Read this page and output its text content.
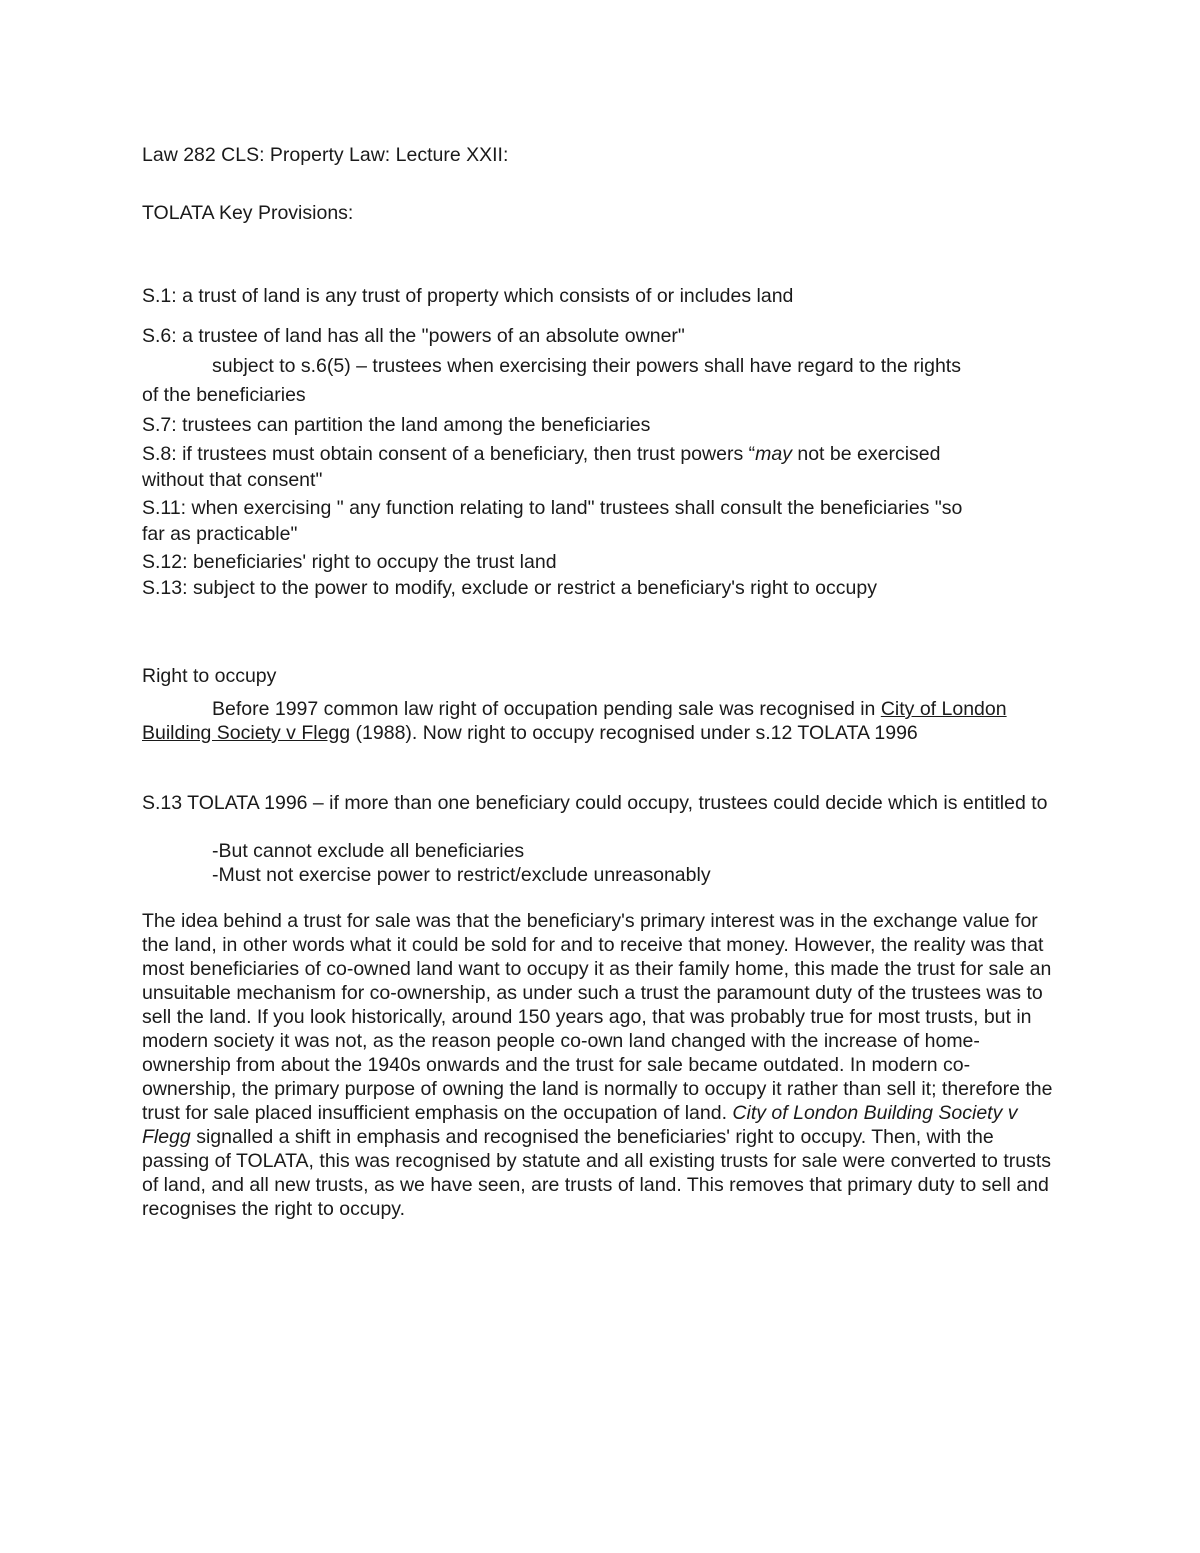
Law 282 CLS: Property Law: Lecture XXII:
TOLATA Key Provisions:
S.1: a trust of land is any trust of property which consists of or includes land
S.6: a trustee of land has all the "powers of an absolute owner"
subject to s.6(5) – trustees when exercising their powers shall have regard to the rights
of the beneficiaries
S.7: trustees can partition the land among the beneficiaries
S.8: if trustees must obtain consent of a beneficiary, then trust powers “may not be exercised
without that consent"
S.11: when exercising " any function relating to land" trustees shall consult the beneficiaries "so
far as practicable"
S.12: beneficiaries' right to occupy the trust land
S.13: subject to the power to modify, exclude or restrict a beneficiary's right to occupy
Right to occupy

Before 1997 common law right of occupation pending sale was recognised in City of London Building Society v Flegg (1988). Now right to occupy recognised under s.12 TOLATA 1996

S.13 TOLATA 1996 – if more than one beneficiary could occupy, trustees could decide which is entitled to

-But cannot exclude all beneficiaries
-Must not exercise power to restrict/exclude unreasonably

The idea behind a trust for sale was that the beneficiary's primary interest was in the exchange value for the land, in other words what it could be sold for and to receive that money. However, the reality was that most beneficiaries of co-owned land want to occupy it as their family home, this made the trust for sale an unsuitable mechanism for co-ownership, as under such a trust the paramount duty of the trustees was to sell the land. If you look historically, around 150 years ago, that was probably true for most trusts, but in modern society it was not, as the reason people co-own land changed with the increase of home-ownership from about the 1940s onwards and the trust for sale became outdated. In modern co-ownership, the primary purpose of owning the land is normally to occupy it rather than sell it; therefore the trust for sale placed insufficient emphasis on the occupation of land. City of London Building Society v Flegg signalled a shift in emphasis and recognised the beneficiaries' right to occupy. Then, with the passing of TOLATA, this was recognised by statute and all existing trusts for sale were converted to trusts of land, and all new trusts, as we have seen, are trusts of land. This removes that primary duty to sell and recognises the right to occupy.
